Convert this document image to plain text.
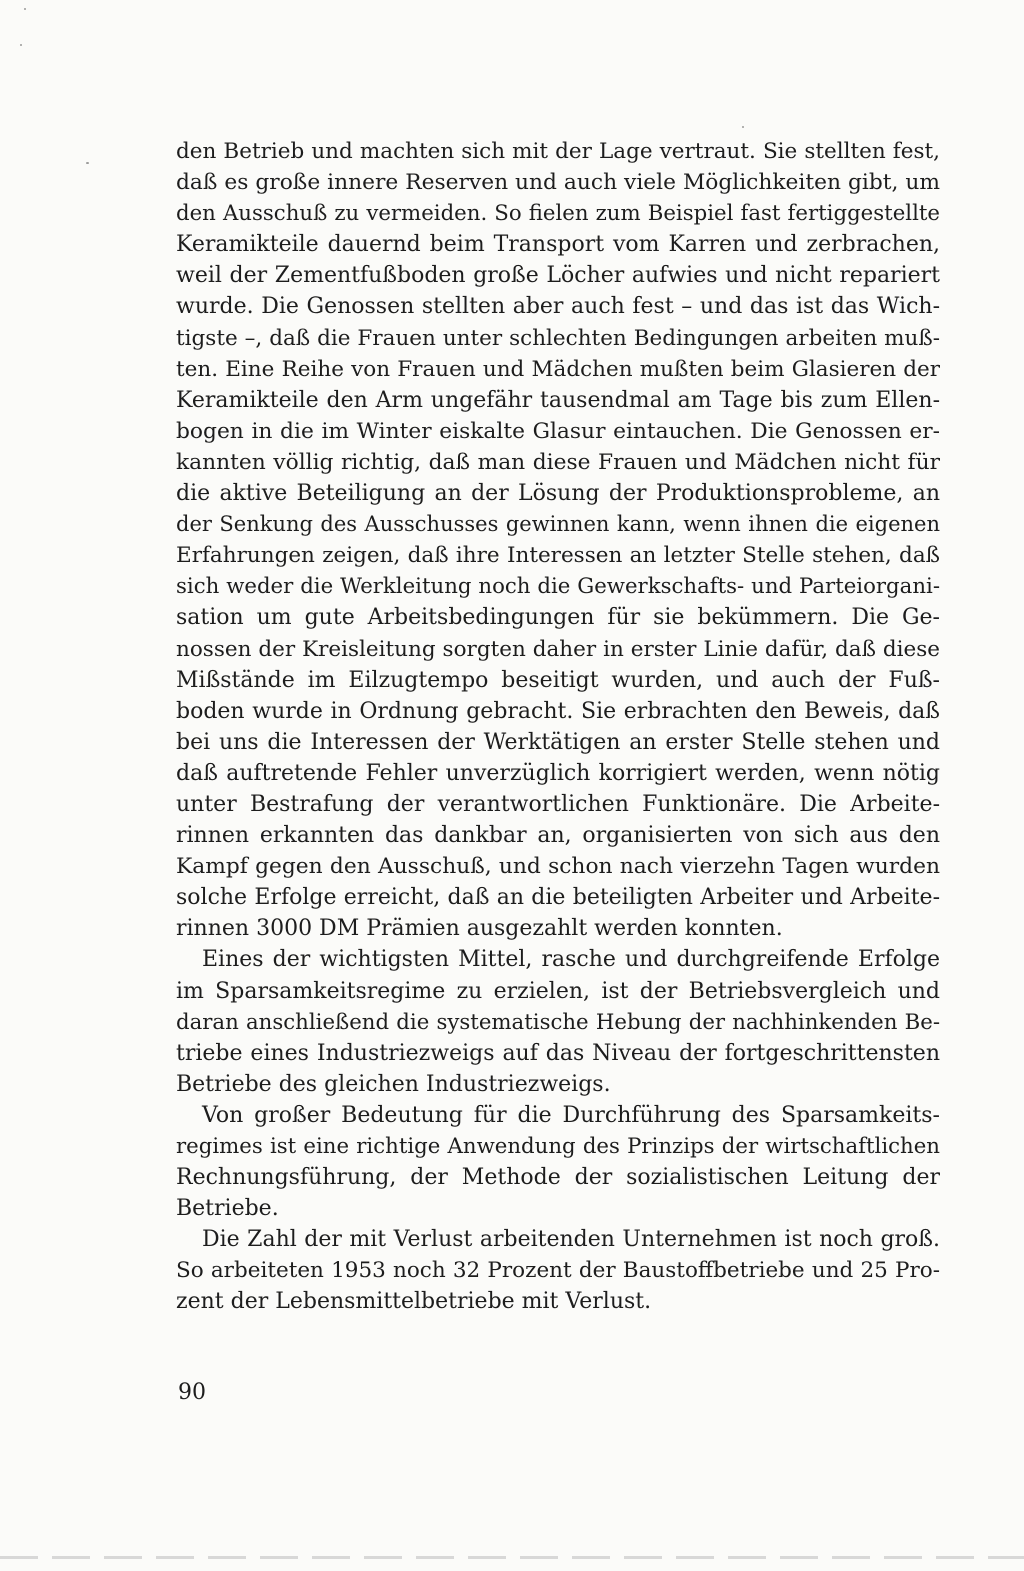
den Betrieb und machten sich mit der Lage vertraut. Sie stellten fest,
daß es große innere Reserven und auch viele Möglichkeiten gibt, um
den Ausschuß zu vermeiden. So fielen zum Beispiel fast fertiggestellte
Keramikteile dauernd beim Transport vom Karren und zerbrachen,
weil der Zementfußboden große Löcher aufwies und nicht repariert
wurde. Die Genossen stellten aber auch fest – und das ist das Wich-
tigste –, daß die Frauen unter schlechten Bedingungen arbeiten muß-
ten. Eine Reihe von Frauen und Mädchen mußten beim Glasieren der
Keramikteile den Arm ungefähr tausendmal am Tage bis zum Ellen-
bogen in die im Winter eiskalte Glasur eintauchen. Die Genossen er-
kannten völlig richtig, daß man diese Frauen und Mädchen nicht für
die aktive Beteiligung an der Lösung der Produktionsprobleme, an
der Senkung des Ausschusses gewinnen kann, wenn ihnen die eigenen
Erfahrungen zeigen, daß ihre Interessen an letzter Stelle stehen, daß
sich weder die Werkleitung noch die Gewerkschafts- und Parteiorgani-
sation um gute Arbeitsbedingungen für sie bekümmern. Die Ge-
nossen der Kreisleitung sorgten daher in erster Linie dafür, daß diese
Mißstände im Eilzugtempo beseitigt wurden, und auch der Fuß-
boden wurde in Ordnung gebracht. Sie erbrachten den Beweis, daß
bei uns die Interessen der Werktätigen an erster Stelle stehen und
daß auftretende Fehler unverzüglich korrigiert werden, wenn nötig
unter Bestrafung der verantwortlichen Funktionäre. Die Arbeite-
rinnen erkannten das dankbar an, organisierten von sich aus den
Kampf gegen den Ausschuß, und schon nach vierzehn Tagen wurden
solche Erfolge erreicht, daß an die beteiligten Arbeiter und Arbeite-
rinnen 3000 DM Prämien ausgezahlt werden konnten.
Eines der wichtigsten Mittel, rasche und durchgreifende Erfolge
im Sparsamkeitsregime zu erzielen, ist der Betriebsvergleich und
daran anschließend die systematische Hebung der nachhinkenden Be-
triebe eines Industriezweigs auf das Niveau der fortgeschrittensten
Betriebe des gleichen Industriezweigs.
Von großer Bedeutung für die Durchführung des Sparsamkeits-
regimes ist eine richtige Anwendung des Prinzips der wirtschaftlichen
Rechnungsführung, der Methode der sozialistischen Leitung der
Betriebe.
Die Zahl der mit Verlust arbeitenden Unternehmen ist noch groß.
So arbeiteten 1953 noch 32 Prozent der Baustoffbetriebe und 25 Pro-
zent der Lebensmittelbetriebe mit Verlust.
90
